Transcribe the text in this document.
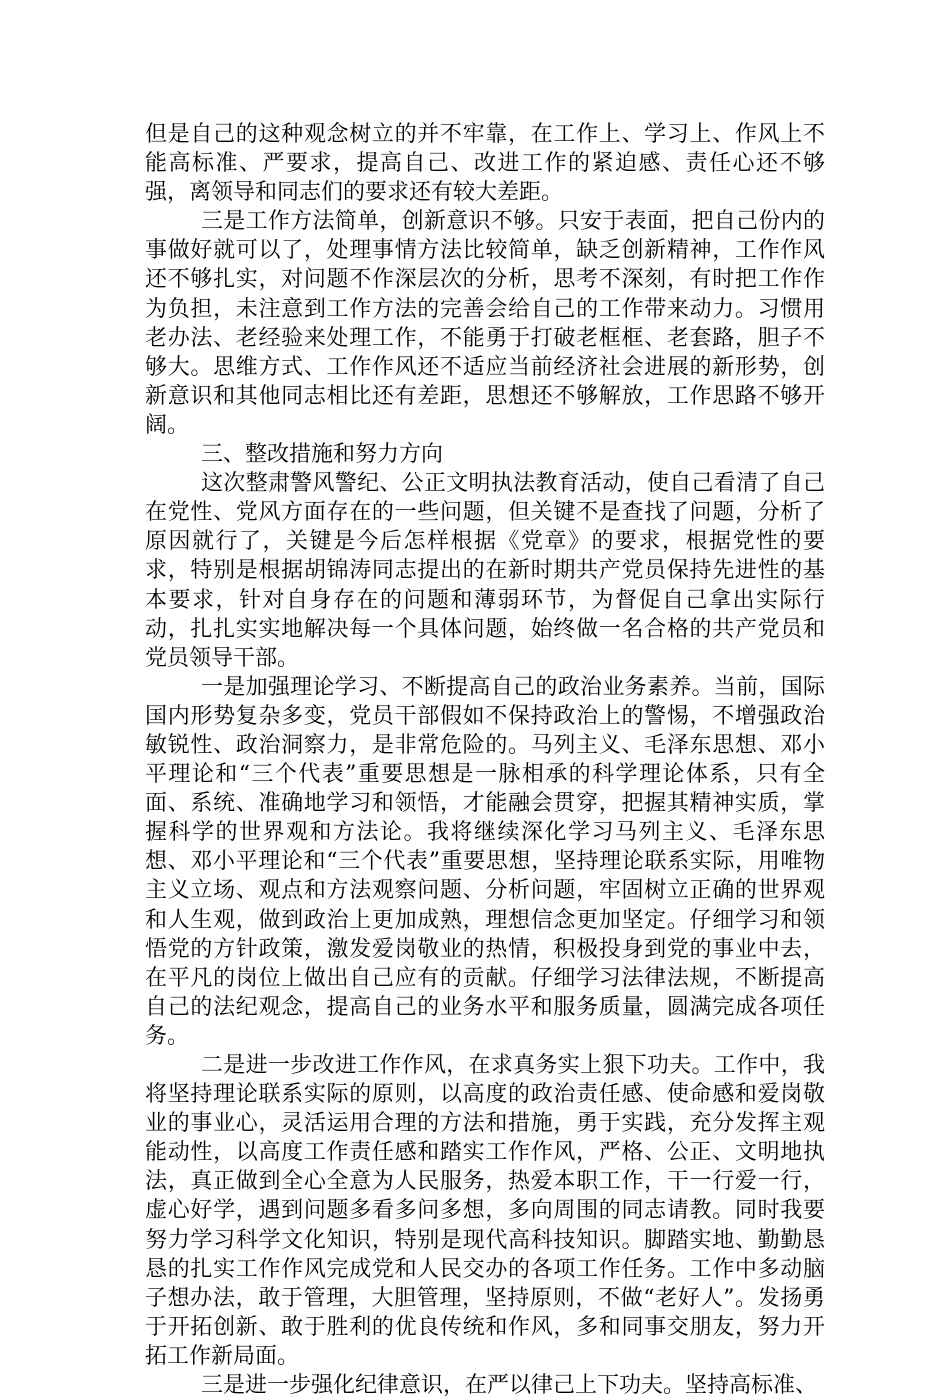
但是自己的这种观念树立的并不牢靠，在工作上、学习上、作风上不能高标准、严要求，提高自己、改进工作的紧迫感、责任心还不够强，离领导和同志们的要求还有较大差距。

三是工作方法简单，创新意识不够。只安于表面，把自己份内的事做好就可以了，处理事情方法比较简单，缺乏创新精神，工作作风还不够扎实，对问题不作深层次的分析，思考不深刻，有时把工作作为负担，未注意到工作方法的完善会给自己的工作带来动力。习惯用老办法、老经验来处理工作，不能勇于打破老框框、老套路，胆子不够大。思维方式、工作作风还不适应当前经济社会进展的新形势，创新意识和其他同志相比还有差距，思想还不够解放，工作思路不够开阔。

三、整改措施和努力方向

这次整肃警风警纪、公正文明执法教育活动，使自己看清了自己在党性、党风方面存在的一些问题，但关键不是查找了问题，分析了原因就行了，关键是今后怎样根据《党章》的要求，根据党性的要求，特别是根据胡锦涛同志提出的在新时期共产党员保持先进性的基本要求，针对自身存在的问题和薄弱环节，为督促自己拿出实际行动，扎扎实实地解决每一个具体问题，始终做一名合格的共产党员和党员领导干部。

一是加强理论学习、不断提高自己的政治业务素养。当前，国际国内形势复杂多变，党员干部假如不保持政治上的警惕，不增强政治敏锐性、政治洞察力，是非常危险的。马列主义、毛泽东思想、邓小平理论和“三个代表”重要思想是一脉相承的科学理论体系，只有全面、系统、准确地学习和领悟，才能融会贯穿，把握其精神实质，掌握科学的世界观和方法论。我将继续深化学习马列主义、毛泽东思想、邓小平理论和“三个代表”重要思想，坚持理论联系实际，用唯物主义立场、观点和方法观察问题、分析问题，牢固树立正确的世界观和人生观，做到政治上更加成熟，理想信念更加坚定。仔细学习和领悟党的方针政策，激发爱岗敬业的热情，积极投身到党的事业中去，在平凡的岗位上做出自己应有的贡献。仔细学习法律法规，不断提高自己的法纪观念，提高自己的业务水平和服务质量，圆满完成各项任务。

二是进一步改进工作作风，在求真务实上狠下功夫。工作中，我将坚持理论联系实际的原则，以高度的政治责任感、使命感和爱岗敬业的事业心，灵活运用合理的方法和措施，勇于实践，充分发挥主观能动性，以高度工作责任感和踏实工作作风，严格、公正、文明地执法，真正做到全心全意为人民服务，热爱本职工作，干一行爱一行，虚心好学，遇到问题多看多问多想，多向周围的同志请教。同时我要努力学习科学文化知识，特别是现代高科技知识。脚踏实地、勤勤恳恳的扎实工作作风完成党和人民交办的各项工作任务。工作中多动脑子想办法，敢于管理，大胆管理，坚持原则，不做“老好人”。发扬勇于开拓创新、敢于胜利的优良传统和作风，多和同事交朋友，努力开拓工作新局面。

三是进一步强化纪律意识，在严以律己上下功夫。坚持高标准、
